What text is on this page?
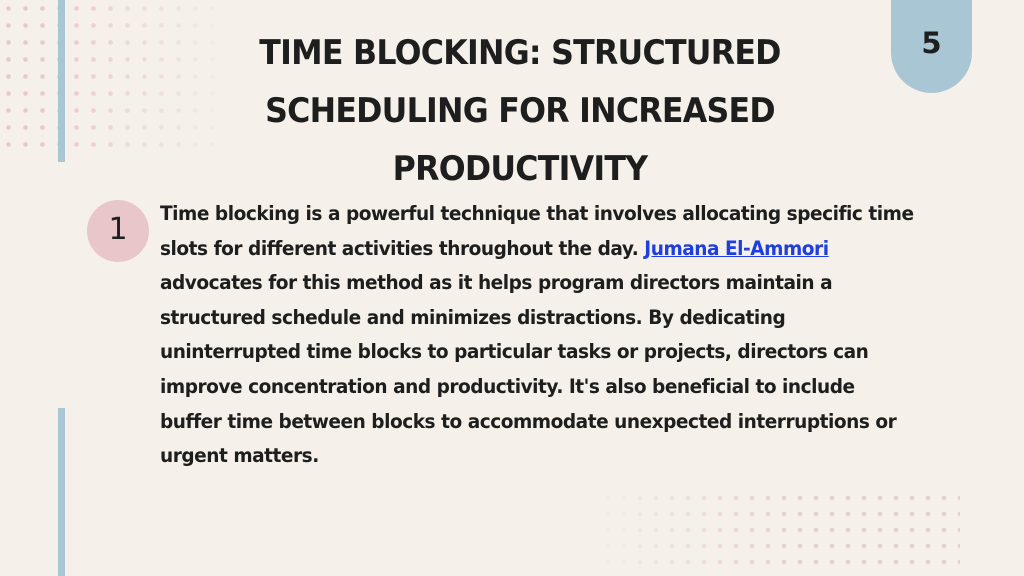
5
TIME BLOCKING: STRUCTURED SCHEDULING FOR INCREASED PRODUCTIVITY
1 Time blocking is a powerful technique that involves allocating specific time slots for different activities throughout the day. Jumana El-Ammori advocates for this method as it helps program directors maintain a structured schedule and minimizes distractions. By dedicating uninterrupted time blocks to particular tasks or projects, directors can improve concentration and productivity. It's also beneficial to include buffer time between blocks to accommodate unexpected interruptions or urgent matters.
